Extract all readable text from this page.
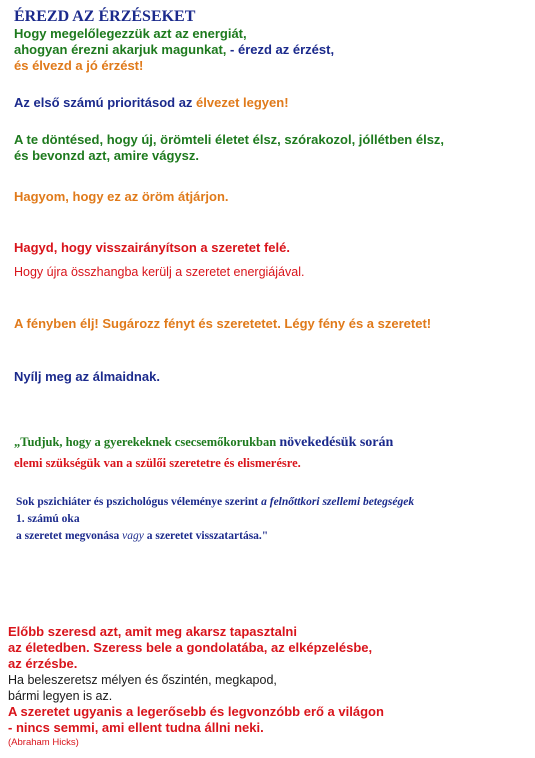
ÉREZD AZ ÉRZÉSEKET
Hogy megelőlegezzük azt az energiát,
ahogyan érezni akarjuk magunkat, - érezd az érzést,
és élvezd a jó érzést!
Az első számú prioritásod az élvezet legyen!
A te döntésed, hogy új, örömteli életet élsz, szórakozol, jóllétben élsz,
és bevonzd azt, amire vágysz.
Hagyom, hogy ez az öröm átjárjon.
Hagyd, hogy visszairányítson a szeretet felé.
Hogy újra összhangba kerülj a szeretet energiájával.
A fényben élj! Sugározz fényt és szeretetet. Légy fény és a szeretet!
Nyílj meg az álmaidnak.
„Tudjuk, hogy a gyerekeknek csecsemőkorukban növekedésük során
elemi szükségük van a szülői szeretetre és elismerésre.
Sok pszichiáter és pszichológus véleménye szerint a felnőttkori szellemi betegségek
1. számú oka
a szeretet megvonása vagy a szeretet visszatartása."
Előbb szeresd azt, amit meg akarsz tapasztalni
az életedben. Szeress bele a gondolatába, az elképzelésbe,
az érzésbe.
Ha beleszeretsz mélyen és őszintén, megkapod,
bármi legyen is az.
A szeretet ugyanis a legerősebb és legvonzóbb erő a világon
- nincs semmi, ami ellent tudna állni neki.
(Abraham Hicks)
